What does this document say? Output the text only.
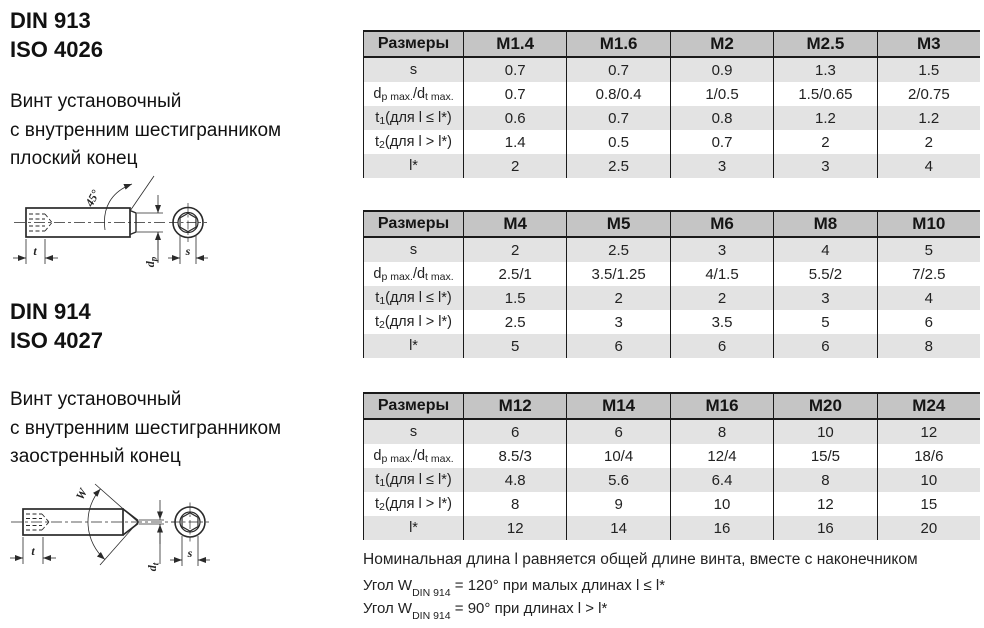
DIN 913
ISO 4026
Винт установочный
с внутренним шестигранником
плоский конец
45°
t
$d_p$
s
DIN 914
ISO 4027
Винт установочный
с внутренним шестигранником
заостренный конец
W
t
$d_t$
s
Размеры	M1.4	M1.6	M2	M2.5	M3
s	0.7	0.7	0.9	1.3	1.5
d p max. /d t max.	0.7	0.8/0.4	1/0.5	1.5/0.65	2/0.75
t 1 (для l ≤ l*)	0.6	0.7	0.8	1.2	1.2
t 2 (для l > l*)	1.4	0.5	0.7	2	2
l*	2	2.5	3	3	4
Размеры	M4	M5	M6	M8	M10
s	2	2.5	3	4	5
d p max. /d t max.	2.5/1	3.5/1.25	4/1.5	5.5/2	7/2.5
t 1 (для l ≤ l*)	1.5	2	2	3	4
t 2 (для l > l*)	2.5	3	3.5	5	6
l*	5	6	6	6	8
Размеры	M12	M14	M16	M20	M24
s	6	6	8	10	12
d p max. /d t max.	8.5/3	10/4	12/4	15/5	18/6
t 1 (для l ≤ l*)	4.8	5.6	6.4	8	10
t 2 (для l > l*)	8	9	10	12	15
l*	12	14	16	16	20
Номинальная длина l равняется общей длине винта, вместе с наконечником
Угол $W_{DIN 914} = 120^\circ$ при малых длинах l ≤ l*
Угол $W_{DIN 914} = 90^\circ$ при длинах l > l*
